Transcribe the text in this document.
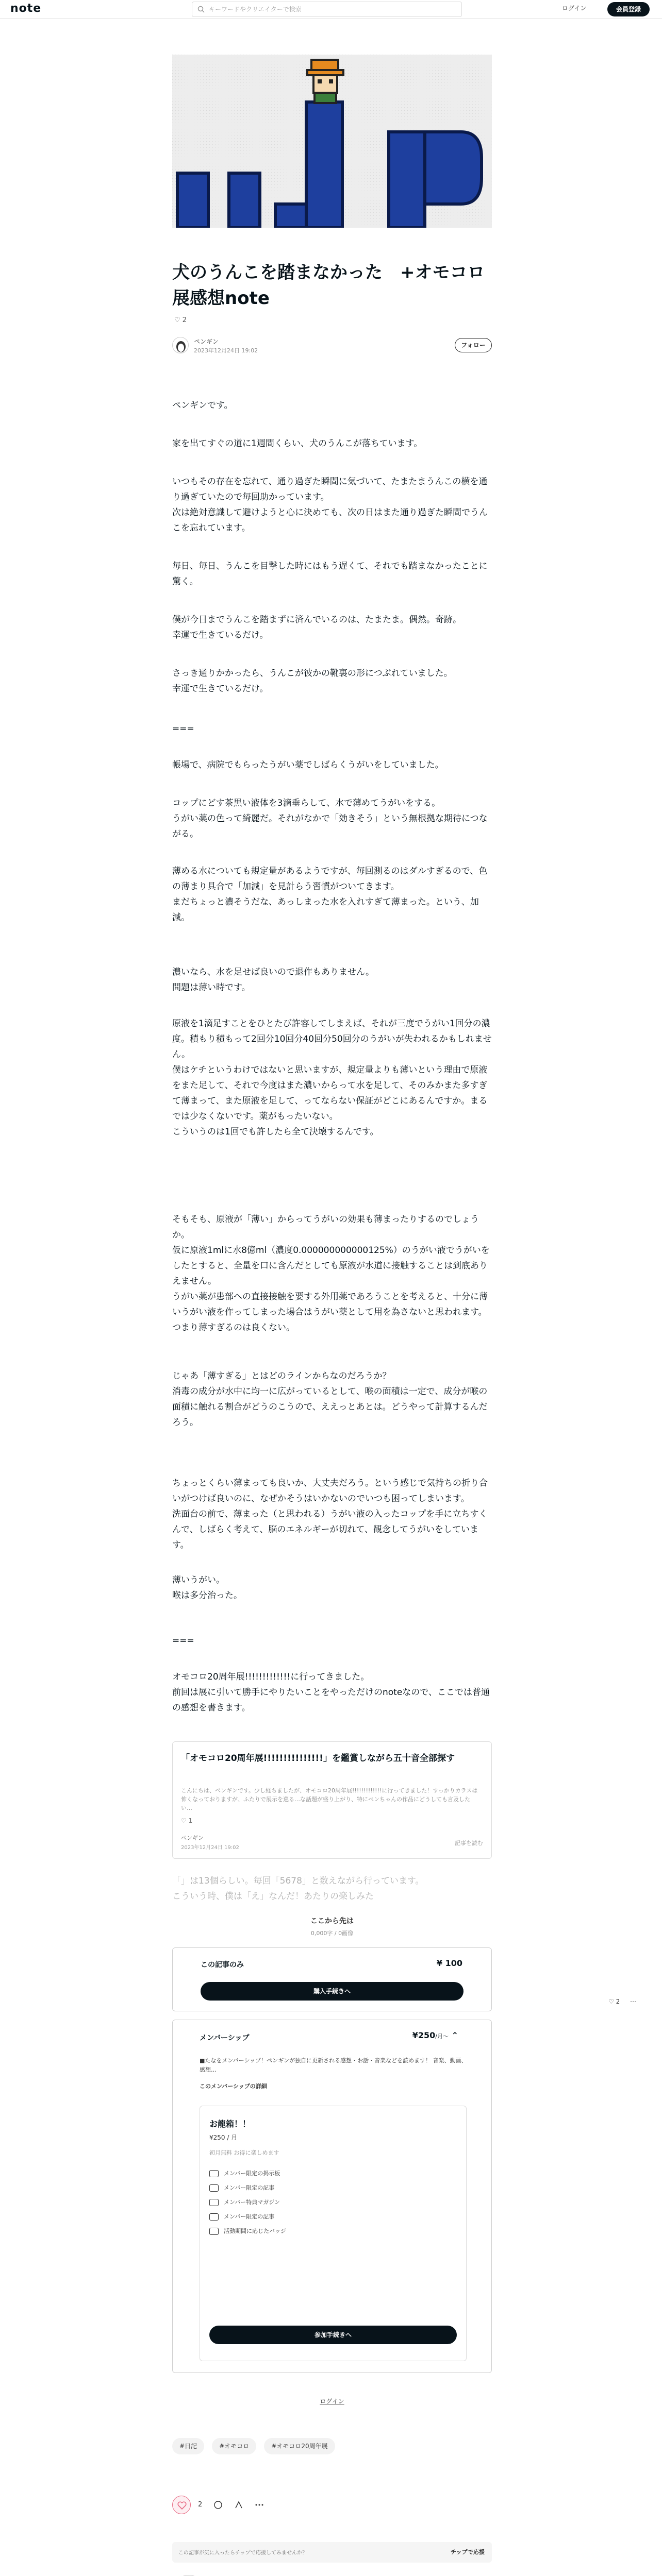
note
キーワードやクリエイターで検索	ログイン	会員登録
犬のうんこを踏まなかった　+オモコロ展感想note
♡ 2
ペンギン
2023年12月24日 19:02
フォロー
ペンギンです。
家を出てすぐの道に1週間くらい、犬のうんこが落ちています。
いつもその存在を忘れて、通り過ぎた瞬間に気づいて、たまたまうんこの横を通り過ぎていたので毎回助かっています。
次は絶対意識して避けようと心に決めても、次の日はまた通り過ぎた瞬間でうんこを忘れています。
毎日、毎日、うんこを目撃した時にはもう遅くて、それでも踏まなかったことに驚く。
僕が今日までうんこを踏まずに済んでいるのは、たまたま。偶然。奇跡。
幸運で生きているだけ。
さっき通りかかったら、うんこが彼かの靴裏の形につぶれていました。
幸運で生きているだけ。
===
帳場で、病院でもらったうがい薬でしばらくうがいをしていました。
コップにどす茶黒い液体を3滴垂らして、水で薄めてうがいをする。
うがい薬の色って綺麗だ。それがなかで「効きそう」という無根拠な期待につながる。
薄める水についても規定量があるようですが、毎回測るのはダルすぎるので、色の薄まり具合で「加減」を見計らう習慣がついてきます。
まだちょっと濃そうだな、あっしまった水を入れすぎて薄まった。という、加減。
濃いなら、水を足せば良いので退作もありません。
問題は薄い時です。
原液を1滴足すことをひとたび許容してしまえば、それが三度でうがい1回分の濃度。積もり積もって2回分10回分40回分50回分のうがいが失われるかもしれません。
僕はケチというわけではないと思いますが、規定量よりも薄いという理由で原液をまた足して、それで今度はまた濃いからって水を足して、そのみかまた多すぎて薄まって、また原液を足して、ってならない保証がどこにあるんですか。まるでは少なくないです。薬がもったいない。
こういうのは1回でも許したら全て決壊するんです。
そもそも、原液が「薄い」からってうがいの効果も薄まったりするのでしょうか。
仮に原液1mlに水8億ml（濃度0.000000000000125%）のうがい液でうがいをしたとすると、全量を口に含んだとしても原液が水道に接触することは到底ありえません。
うがい薬が患部への直接接触を要する外用薬であろうことを考えると、十分に薄いうがい液を作ってしまった場合はうがい薬として用を為さないと思われます。
つまり薄すぎるのは良くない。
じゃあ「薄すぎる」とはどのラインからなのだろうか？
消毒の成分が水中に均一に広がっているとして、喉の面積は一定で、成分が喉の面積に触れる割合がどうのこうので、ええっとあとは。どうやって計算するんだろう。
ちょっとくらい薄まっても良いか、大丈夫だろう。という感じで気持ちの折り合いがつけば良いのに、なぜかそうはいかないのでいつも困ってしまいます。
洗面台の前で、薄まった（と思われる）うがい液の入ったコップを手に立ちすくんで、しばらく考えて、脳のエネルギーが切れて、観念してうがいをしています。
薄いうがい。
喉は多分治った。
===
オモコロ20周年展!!!!!!!!!!!!!に行ってきました。
前回は展に引いて勝手にやりたいことをやっただけのnoteなので、ここでは普通の感想を書きます。
「オモコロ20周年展!!!!!!!!!!!!!!!」を鑑賞しながら五十音全部探す
こんにちは、ペンギンです。少し経ちましたが、オモコロ20周年展!!!!!!!!!!!!!に行ってきました！すっかりカラスは怖くなっておりますが、ふたりで展示を巡る…な話題が盛り上がり、特にペンちゃんの作品にどうしても言及したい…
♡ 1
ペンギン
2023年12月24日 19:02
記事を読む
「」は13個らしい。毎回「5678」と数えながら行っています。
こういう時、僕は「え」なんだ！あたりの楽しみた
ここから先は
0,000字 / 0画像
この記事のみ	¥ 100
購入手続きへ
メンバーシップ	¥250/月〜 ⌃
■たなをメンバーシップ！ペンギンが独自に更新される感想・お話・音楽などを読めます！ 音楽、動画、感想…
このメンバーシップの詳細
お龍箱！！
¥250 / 月
初月無料 お得に楽しめます
メンバー限定の掲示板
メンバー限定の記事
メンバー特典マガジン
メンバー限定の記事
活動期間に応じたバッジ
参加手続きへ
ログイン
#日記	#オモコロ	#オモコロ20周年展
2
この記事が気に入ったらチップで応援してみませんか？	チップで応援
♡ 2 ⋯
